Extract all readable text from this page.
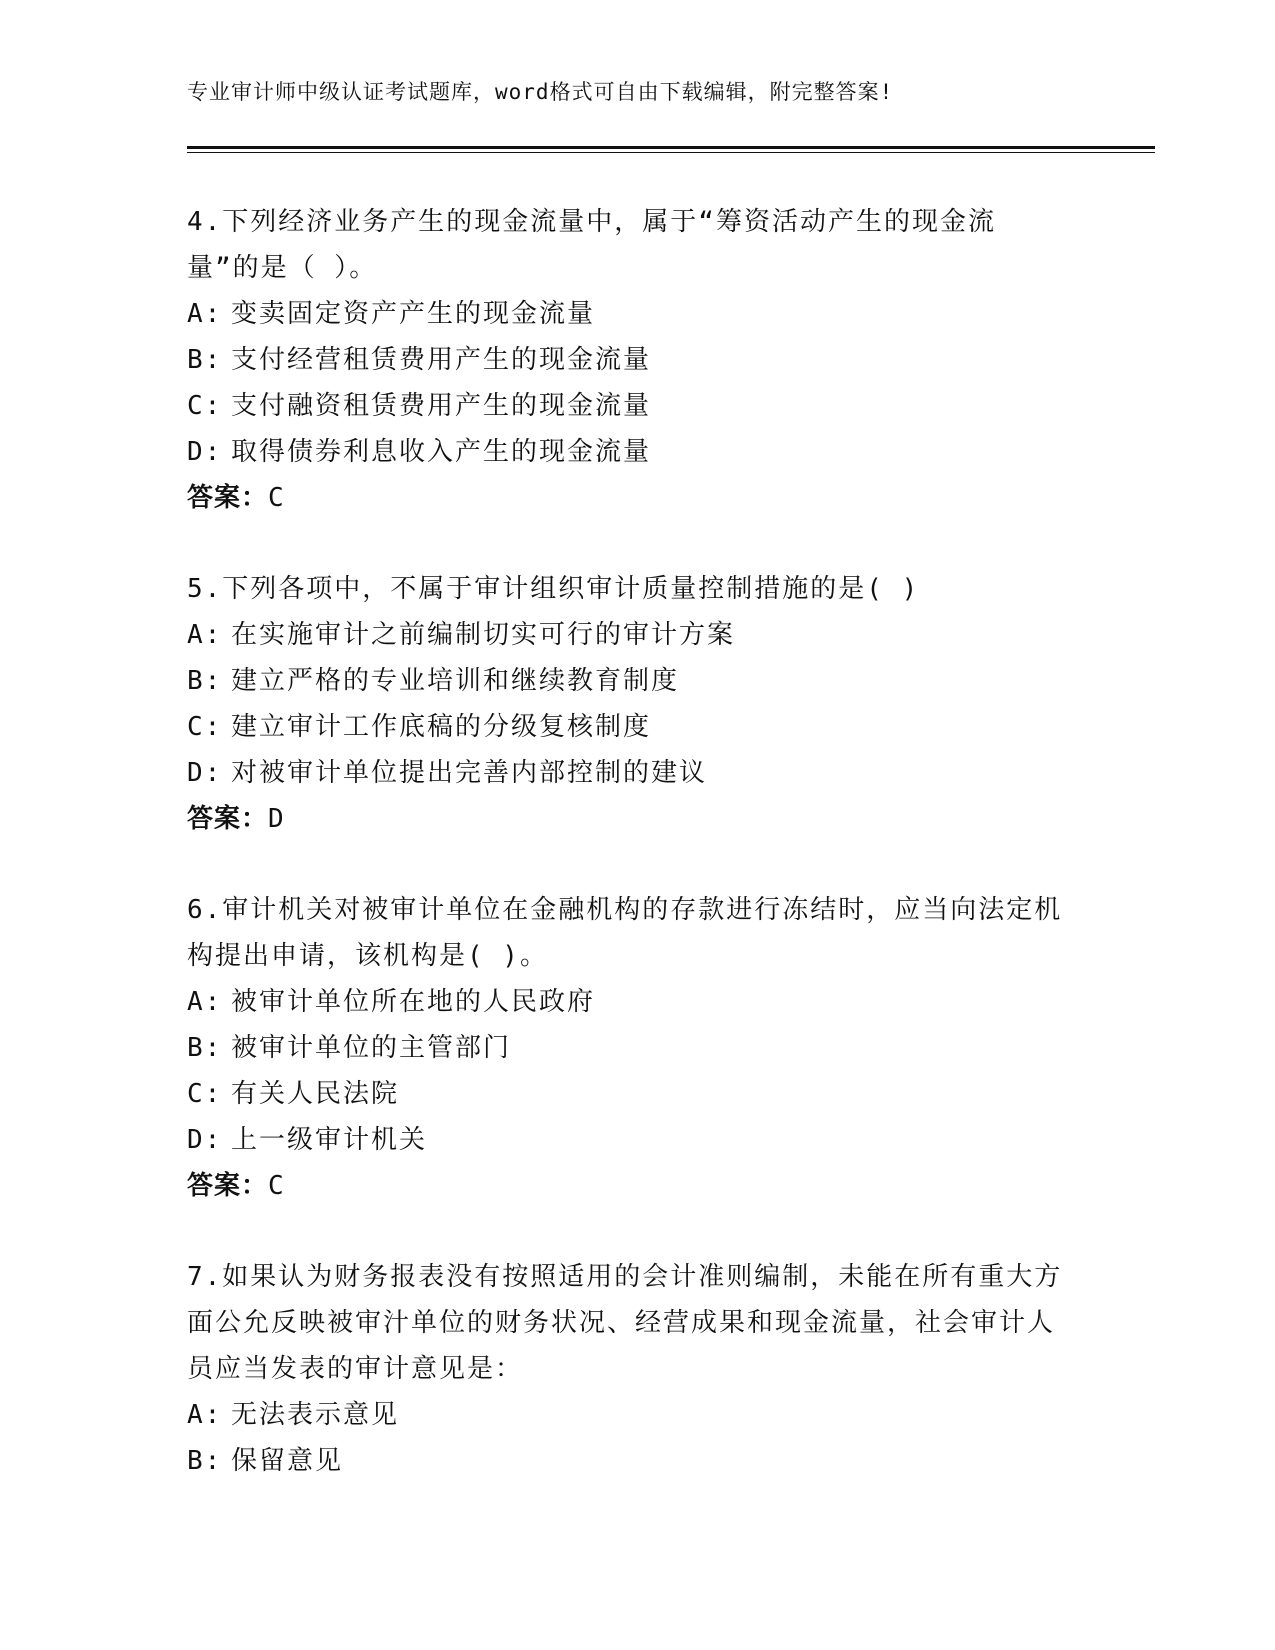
专业审计师中级认证考试题库，word格式可自由下载编辑，附完整答案!

4.下列经济业务产生的现金流量中，属于“筹资活动产生的现金流量”的是（ ）。

A: 变卖固定资产产生的现金流量
B: 支付经营租赁费用产生的现金流量
C: 支付融资租赁费用产生的现金流量
D: 取得债券利息收入产生的现金流量
答案：C

5.下列各项中，不属于审计组织审计质量控制措施的是( )

A: 在实施审计之前编制切实可行的审计方案
B: 建立严格的专业培训和继续教育制度
C: 建立审计工作底稿的分级复核制度
D: 对被审计单位提出完善内部控制的建议
答案：D

6.审计机关对被审计单位在金融机构的存款进行冻结时，应当向法定机构提出申请，该机构是( )。

A: 被审计单位所在地的人民政府
B: 被审计单位的主管部门
C: 有关人民法院
D: 上一级审计机关
答案：C

7.如果认为财务报表没有按照适用的会计准则编制，未能在所有重大方面公允反映被审汁单位的财务状况、经营成果和现金流量，社会审计人员应当发表的审计意见是：

A: 无法表示意见
B: 保留意见
